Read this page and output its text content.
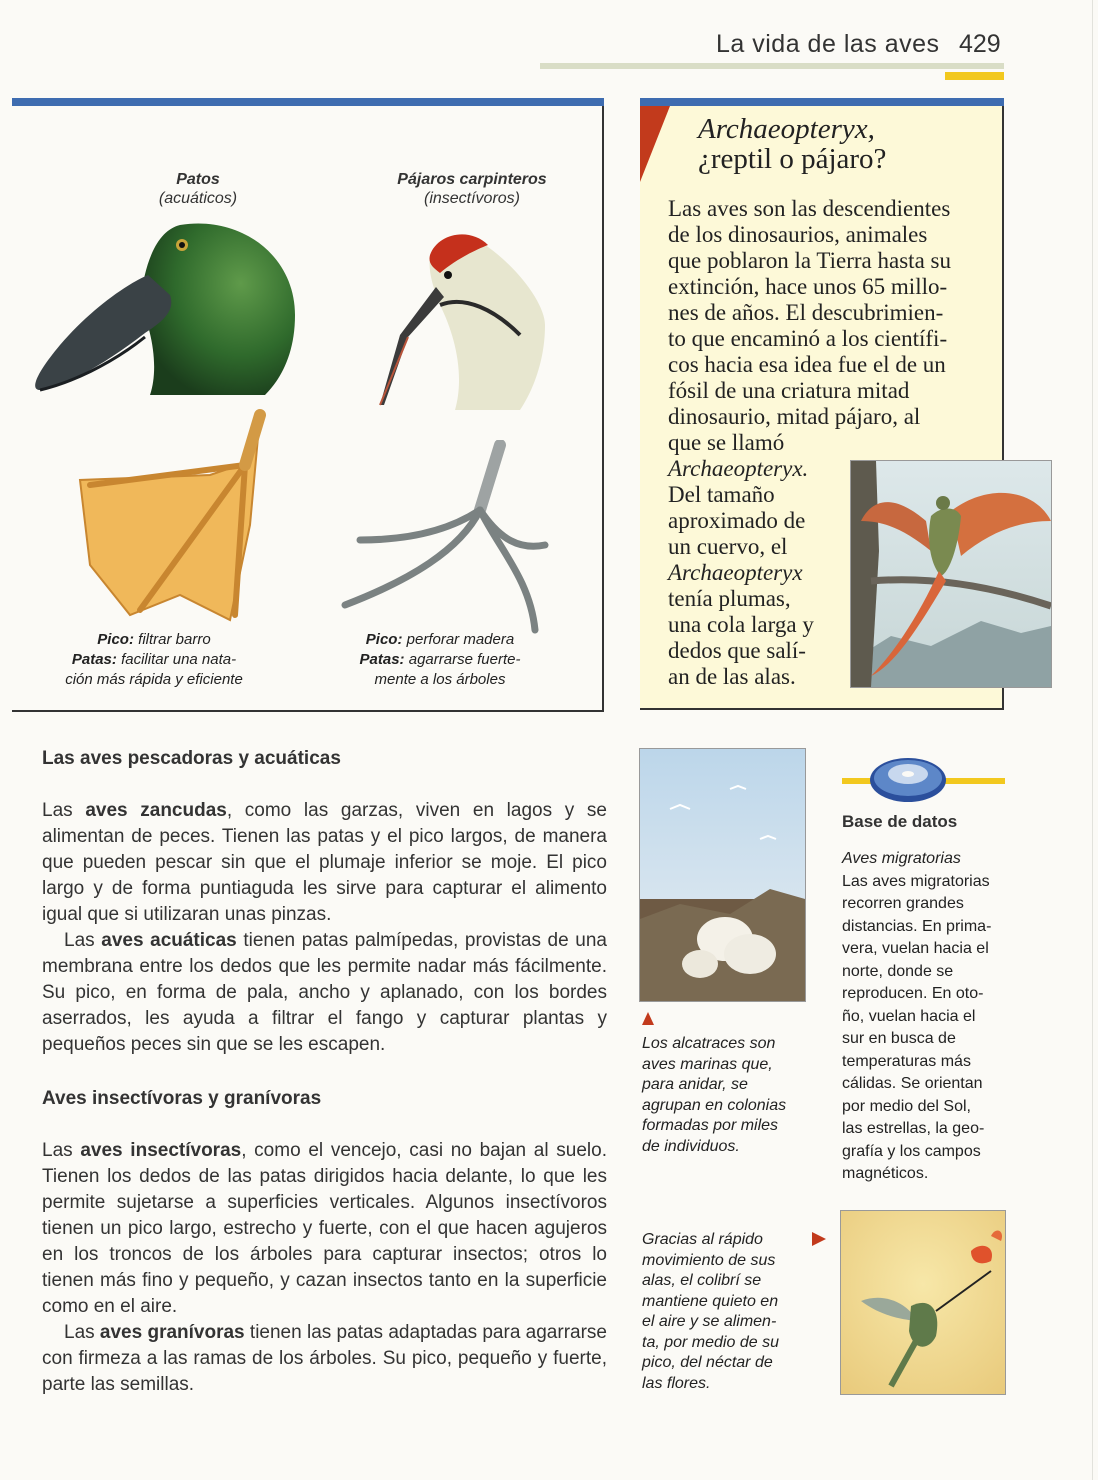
La vida de las aves 429
Patos
(acuáticos)
Pájaros carpinteros
(insectívoros)
Pico: filtrar barro
Patas: facilitar una nata-
ción más rápida y eficiente
Pico: perforar madera
Patas: agarrarse fuerte-
mente a los árboles
Archaeopteryx,
¿reptil o pájaro?
Las aves son las descendientes
de los dinosaurios, animales
que poblaron la Tierra hasta su
extinción, hace unos 65 millo-
nes de años. El descubrimien-
to que encaminó a los científi-
cos hacia esa idea fue el de un
fósil de una criatura mitad
dinosaurio, mitad pájaro, al
que se llamó
Archaeopteryx.
Del tamaño
aproximado de
un cuervo, el
Archaeopteryx
tenía plumas,
una cola larga y
dedos que salí-
an de las alas.
Las aves pescadoras y acuáticas

Las aves zancudas, como las garzas, viven en lagos y se alimentan de peces. Tienen las patas y el pico largos, de manera que pueden pescar sin que el plumaje inferior se moje. El pico largo y de forma puntiaguda les sirve para capturar el alimento igual que si utilizaran unas pinzas.

Las aves acuáticas tienen patas palmípedas, provistas de una membrana entre los dedos que les permite nadar más fácilmente. Su pico, en forma de pala, ancho y aplanado, con los bordes aserrados, les ayuda a filtrar el fango y capturar plantas y pequeños peces sin que se les escapen.

Aves insectívoras y granívoras

Las aves insectívoras, como el vencejo, casi no bajan al suelo. Tienen los dedos de las patas dirigidos hacia delante, lo que les permite sujetarse a superficies verticales. Algunos insectívoros tienen un pico largo, estrecho y fuerte, con el que hacen agujeros en los troncos de los árboles para capturar insectos; otros lo tienen más fino y pequeño, y cazan insectos tanto en la superficie como en el aire.

Las aves granívoras tienen las patas adaptadas para agarrarse con firmeza a las ramas de los árboles. Su pico, pequeño y fuerte, parte las semillas.

Los alcatraces son
aves marinas que,
para anidar, se
agrupan en colonias
formadas por miles
de individuos.
Base de datos
Aves migratorias
Las aves migratorias
recorren grandes
distancias. En prima-
vera, vuelan hacia el
norte, donde se
reproducen. En oto-
ño, vuelan hacia el
sur en busca de
temperaturas más
cálidas. Se orientan
por medio del Sol,
las estrellas, la geo-
grafía y los campos
magnéticos.
Gracias al rápido
movimiento de sus
alas, el colibrí se
mantiene quieto en
el aire y se alimen-
ta, por medio de su
pico, del néctar de
las flores.
